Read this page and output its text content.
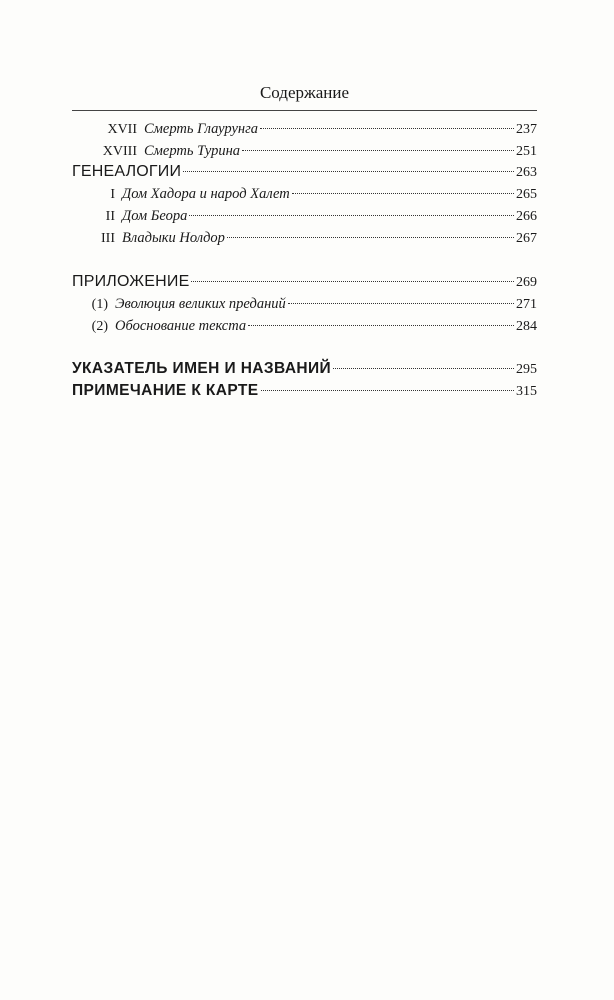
Содержание
XVII Смерть Глаурунга	237
XVIII Смерть Турина	251
ГЕНЕАЛОГИИ	263
I Дом Хадора и народ Халет	265
II Дом Беора	266
III Владыки Нолдор	267
ПРИЛОЖЕНИЕ	269
(1) Эволюция великих преданий	271
(2) Обоснование текста	284
УКАЗАТЕЛЬ ИМЕН И НАЗВАНИЙ	295
ПРИМЕЧАНИЕ К КАРТЕ	315
